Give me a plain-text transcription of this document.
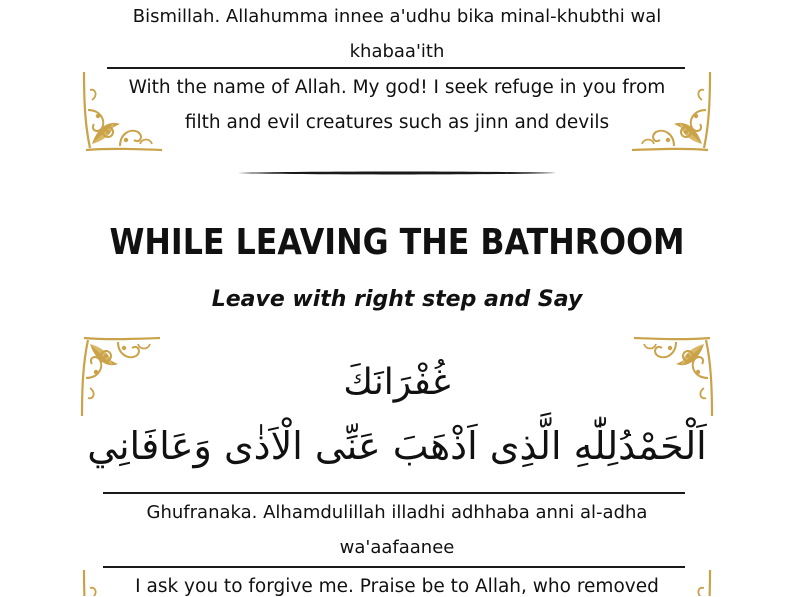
Bismillah. Allahumma innee a'udhu bika minal-khubthi wal
khabaa'ith
With the name of Allah. My god! I seek refuge in you from
filth and evil creatures such as jinn and devils
WHILE LEAVING THE BATHROOM
Leave with right step and Say
غُفْرَانَكَ
اَلْحَمْدُلِلّٰهِ الَّذِى اَذْهَبَ عَنِّى الْاَذٰى وَعَافَانِي
Ghufranaka. Alhamdulillah illadhi adhhaba anni al-adha
wa'aafaanee
I ask you to forgive me. Praise be to Allah, who removed
